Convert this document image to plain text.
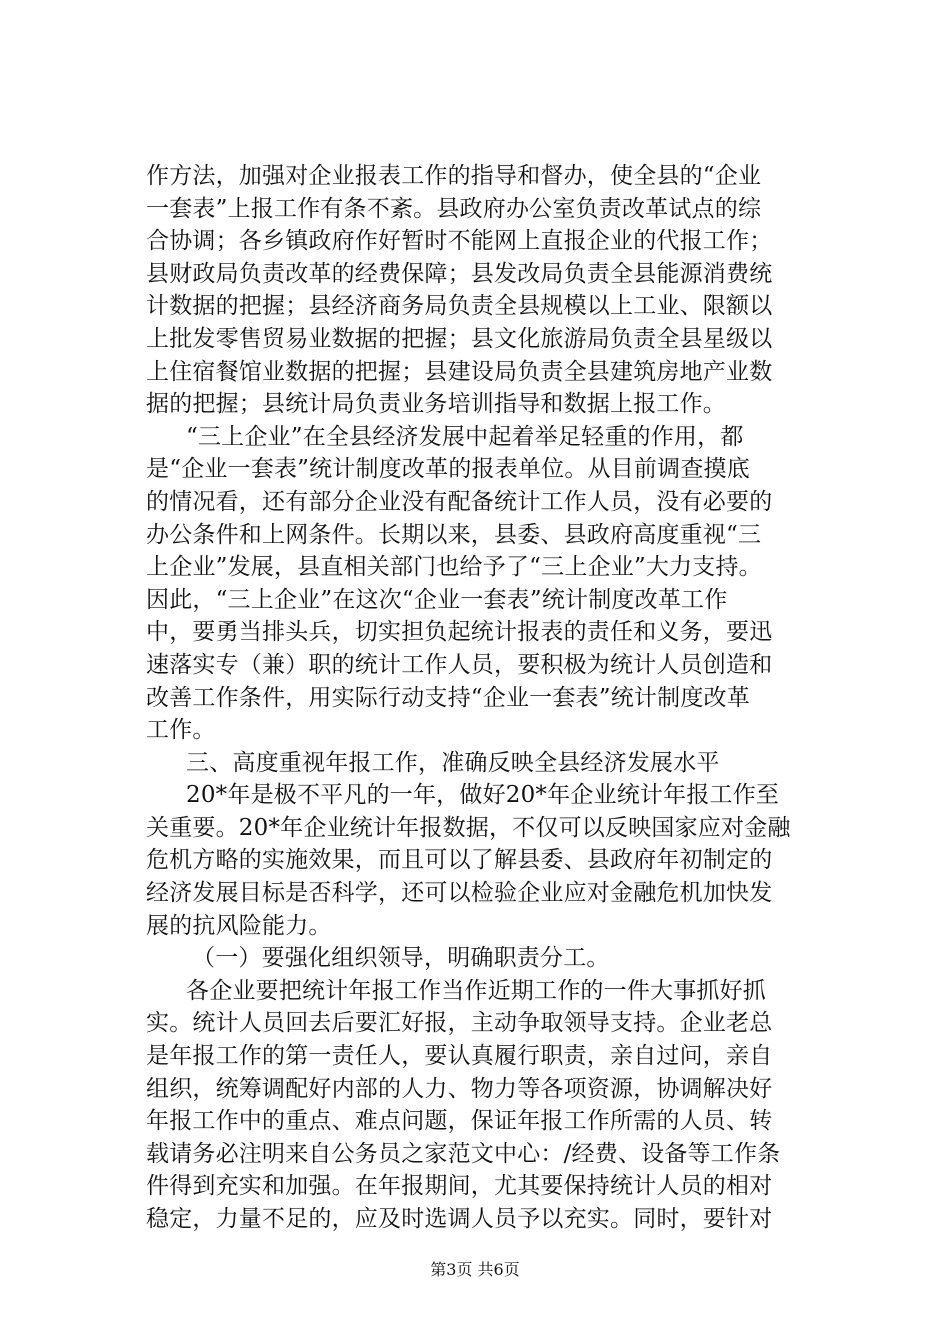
作方法，加强对企业报表工作的指导和督办，使全县的“企业
一套表”上报工作有条不紊。县政府办公室负责改革试点的综
合协调；各乡镇政府作好暂时不能网上直报企业的代报工作；
县财政局负责改革的经费保障；县发改局负责全县能源消费统
计数据的把握；县经济商务局负责全县规模以上工业、限额以
上批发零售贸易业数据的把握；县文化旅游局负责全县星级以
上住宿餐馆业数据的把握；县建设局负责全县建筑房地产业数
据的把握；县统计局负责业务培训指导和数据上报工作。
“三上企业”在全县经济发展中起着举足轻重的作用，都
是“企业一套表”统计制度改革的报表单位。从目前调查摸底
的情况看，还有部分企业没有配备统计工作人员，没有必要的
办公条件和上网条件。长期以来，县委、县政府高度重视“三
上企业”发展，县直相关部门也给予了“三上企业”大力支持。
因此，“三上企业”在这次“企业一套表”统计制度改革工作
中，要勇当排头兵，切实担负起统计报表的责任和义务，要迅
速落实专（兼）职的统计工作人员，要积极为统计人员创造和
改善工作条件，用实际行动支持“企业一套表”统计制度改革
工作。
三、高度重视年报工作，准确反映全县经济发展水平
20*年是极不平凡的一年，做好20*年企业统计年报工作至
关重要。20*年企业统计年报数据，不仅可以反映国家应对金融
危机方略的实施效果，而且可以了解县委、县政府年初制定的
经济发展目标是否科学，还可以检验企业应对金融危机加快发
展的抗风险能力。
（一）要强化组织领导，明确职责分工。
各企业要把统计年报工作当作近期工作的一件大事抓好抓
实。统计人员回去后要汇好报，主动争取领导支持。企业老总
是年报工作的第一责任人，要认真履行职责，亲自过问，亲自
组织，统筹调配好内部的人力、物力等各项资源，协调解决好
年报工作中的重点、难点问题，保证年报工作所需的人员、转
载请务必注明来自公务员之家范文中心：/经费、设备等工作条
件得到充实和加强。在年报期间，尤其要保持统计人员的相对
稳定，力量不足的，应及时选调人员予以充实。同时，要针对
第3页 共6页
